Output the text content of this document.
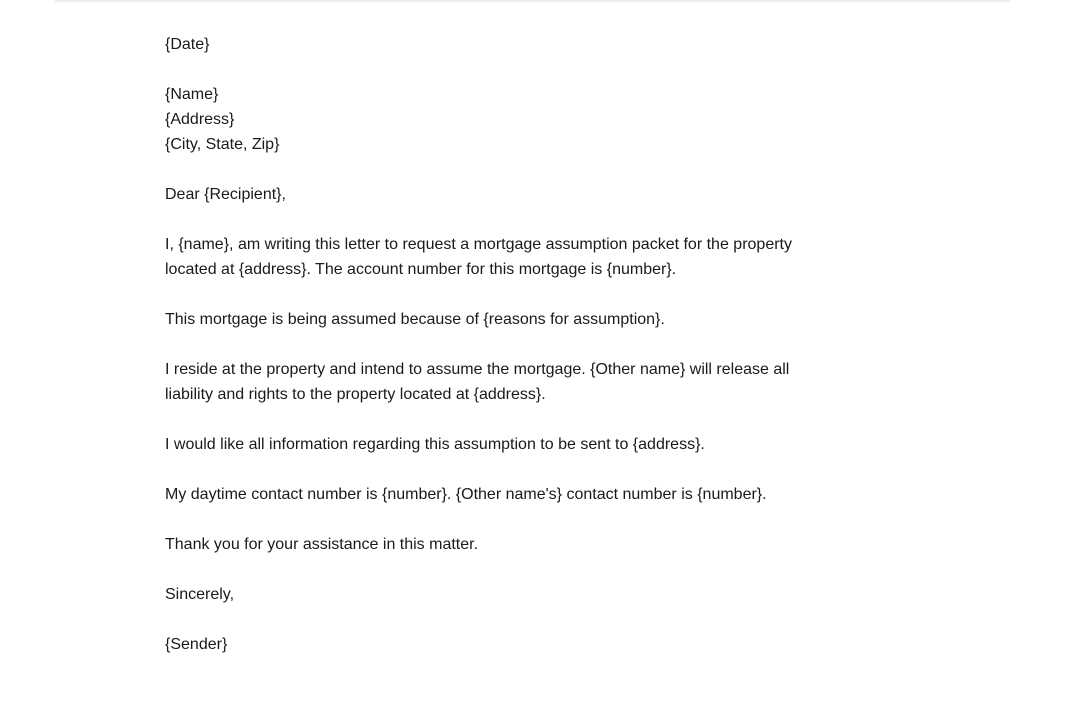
{Date}
{Name}
{Address}
{City, State, Zip}
Dear {Recipient},
I, {name}, am writing this letter to request a mortgage assumption packet for the property
located at {address}. The account number for this mortgage is {number}.
This mortgage is being assumed because of {reasons for assumption}.
I reside at the property and intend to assume the mortgage. {Other name} will release all
liability and rights to the property located at {address}.
I would like all information regarding this assumption to be sent to {address}.
My daytime contact number is {number}. {Other name's} contact number is {number}.
Thank you for your assistance in this matter.
Sincerely,
{Sender}
